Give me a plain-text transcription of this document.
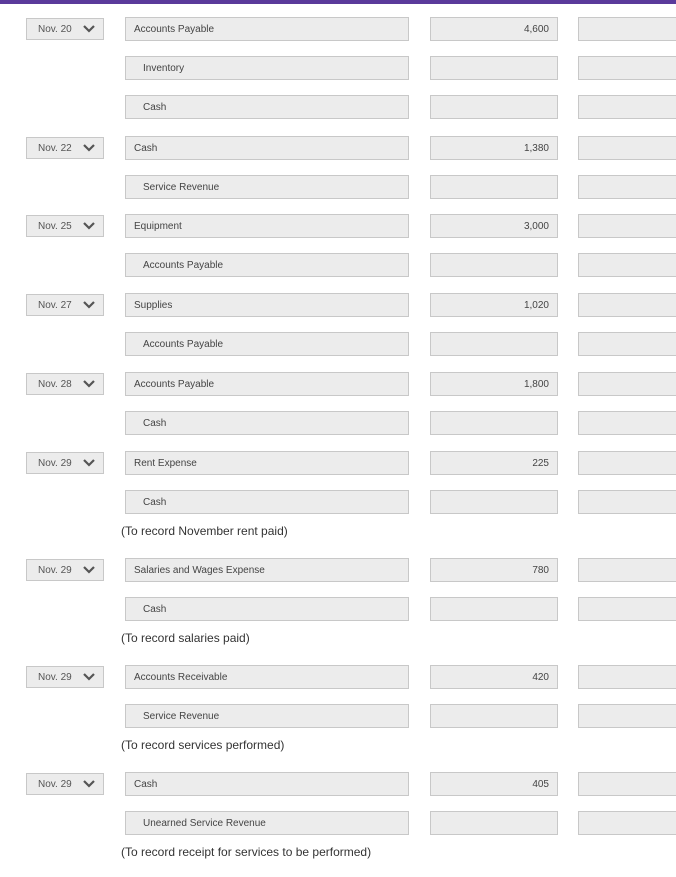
Nov. 20	Accounts Payable	4,600
Inventory
Cash
Nov. 22	Cash	1,380
Service Revenue
Nov. 25	Equipment	3,000
Accounts Payable
Nov. 27	Supplies	1,020
Accounts Payable
Nov. 28	Accounts Payable	1,800
Cash
Nov. 29	Rent Expense	225
Cash
(To record November rent paid)
Nov. 29	Salaries and Wages Expense	780
Cash
(To record salaries paid)
Nov. 29	Accounts Receivable	420
Service Revenue
(To record services performed)
Nov. 29	Cash	405
Unearned Service Revenue
(To record receipt for services to be performed)
